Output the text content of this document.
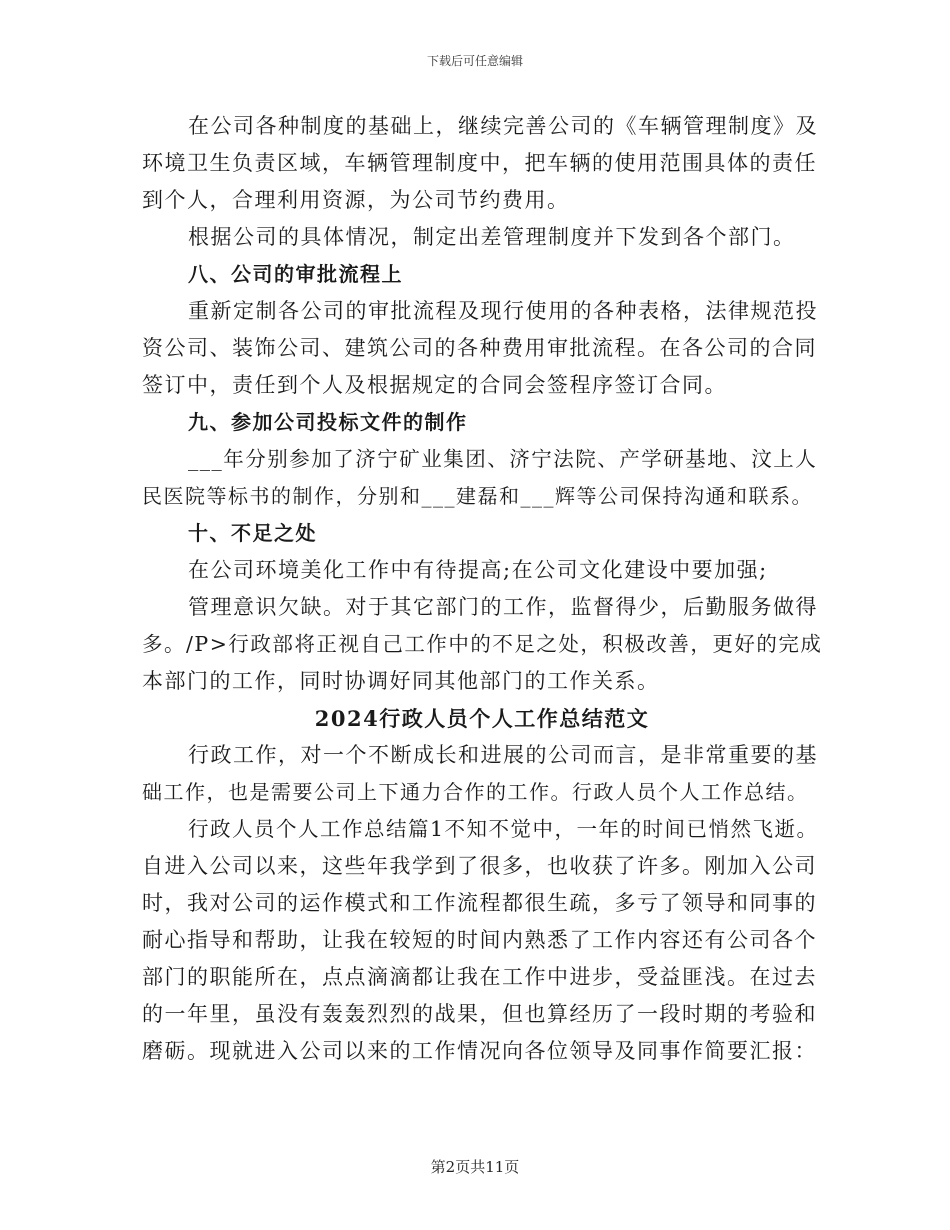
下载后可任意编辑
在公司各种制度的基础上，继续完善公司的《车辆管理制度》及
环境卫生负责区域，车辆管理制度中，把车辆的使用范围具体的责任
到个人，合理利用资源，为公司节约费用。
根据公司的具体情况，制定出差管理制度并下发到各个部门。
八、公司的审批流程上
重新定制各公司的审批流程及现行使用的各种表格，法律规范投
资公司、装饰公司、建筑公司的各种费用审批流程。在各公司的合同
签订中，责任到个人及根据规定的合同会签程序签订合同。
九、参加公司投标文件的制作
___年分别参加了济宁矿业集团、济宁法院、产学研基地、汶上人
民医院等标书的制作，分别和___建磊和___辉等公司保持沟通和联系。
十、不足之处
在公司环境美化工作中有待提高;在公司文化建设中要加强;
管理意识欠缺。对于其它部门的工作，监督得少，后勤服务做得
多。/P>行政部将正视自己工作中的不足之处，积极改善，更好的完成
本部门的工作，同时协调好同其他部门的工作关系。
2024行政人员个人工作总结范文
行政工作，对一个不断成长和进展的公司而言，是非常重要的基
础工作，也是需要公司上下通力合作的工作。行政人员个人工作总结。
行政人员个人工作总结篇1不知不觉中，一年的时间已悄然飞逝。
自进入公司以来，这些年我学到了很多，也收获了许多。刚加入公司
时，我对公司的运作模式和工作流程都很生疏，多亏了领导和同事的
耐心指导和帮助，让我在较短的时间内熟悉了工作内容还有公司各个
部门的职能所在，点点滴滴都让我在工作中进步，受益匪浅。在过去
的一年里，虽没有轰轰烈烈的战果，但也算经历了一段时期的考验和
磨砺。现就进入公司以来的工作情况向各位领导及同事作简要汇报：
第2页共11页
